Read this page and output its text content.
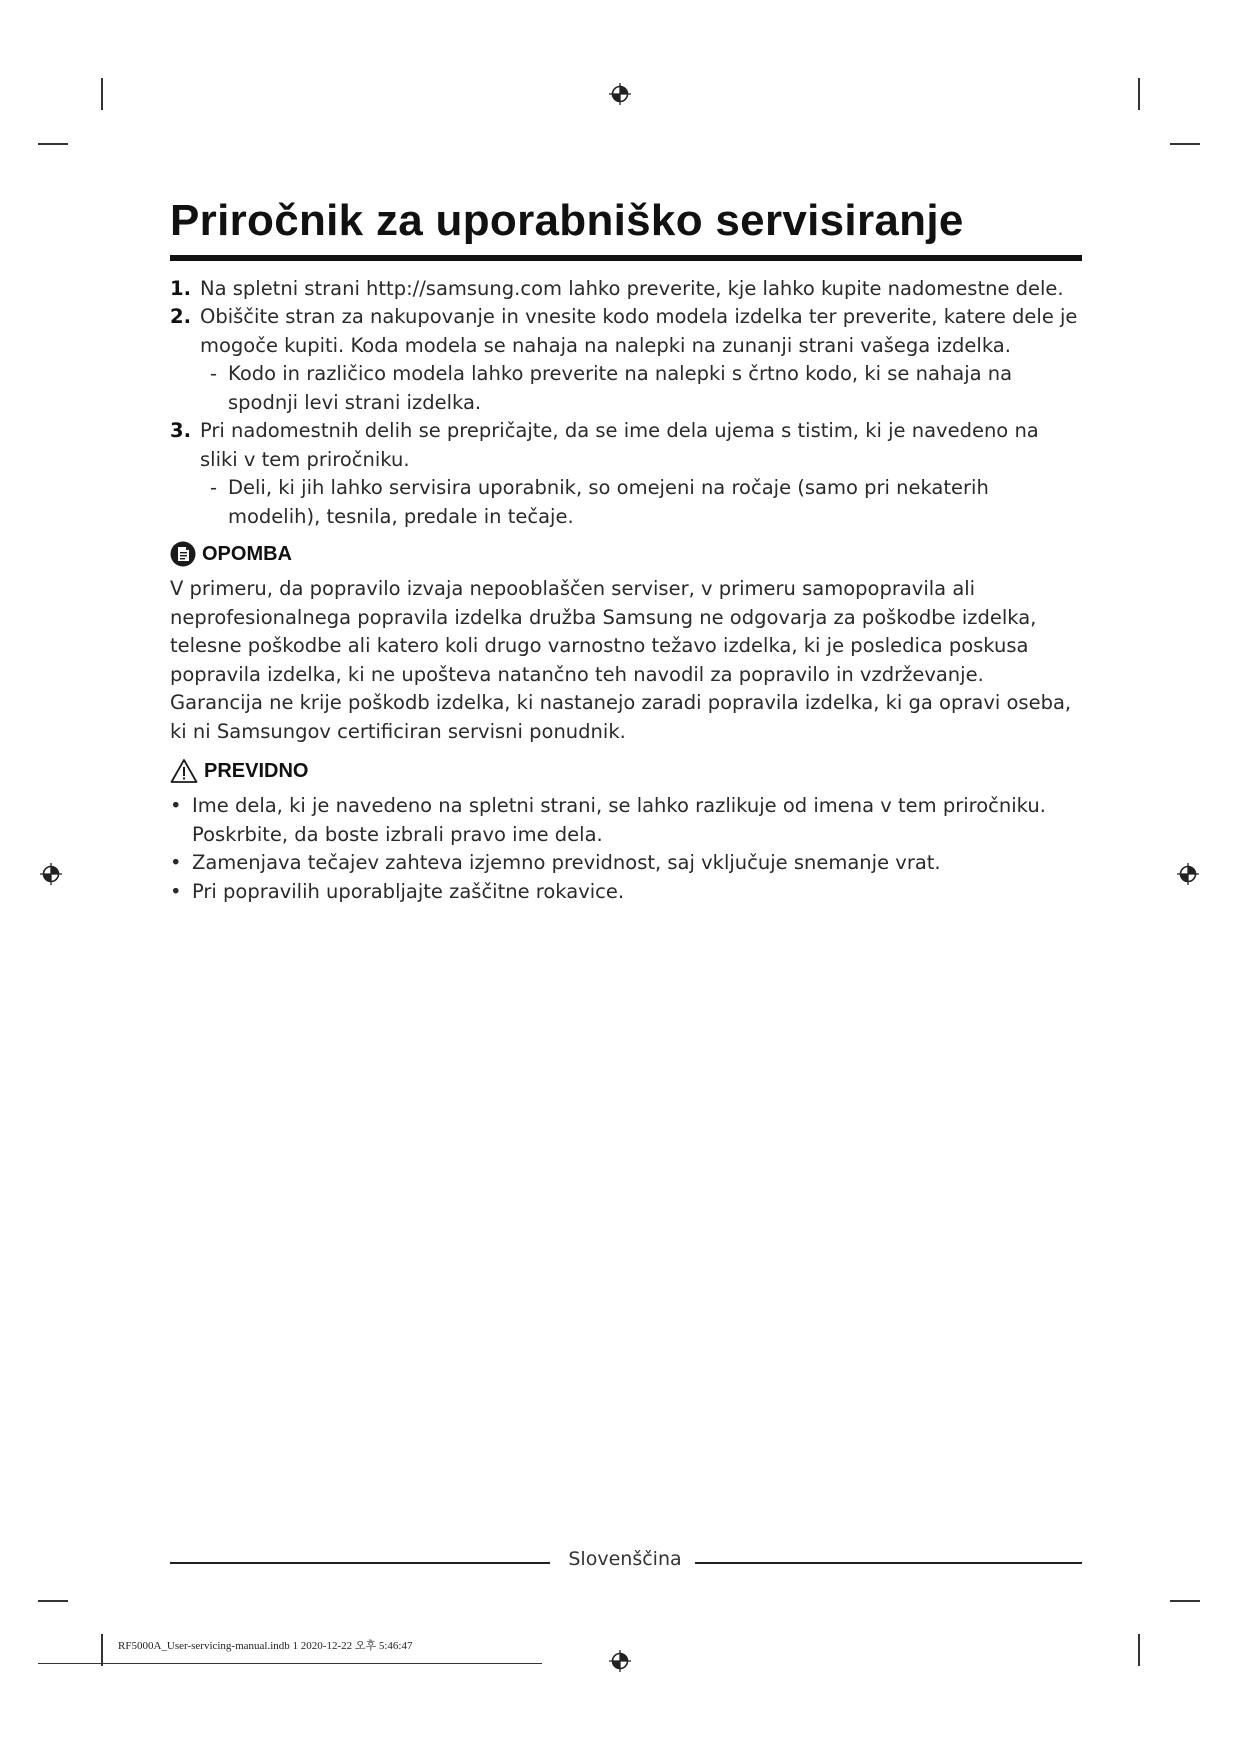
Priročnik za uporabniško servisiranje
1. Na spletni strani http://samsung.com lahko preverite, kje lahko kupite nadomestne dele.
2. Obiščite stran za nakupovanje in vnesite kodo modela izdelka ter preverite, katere dele je mogoče kupiti. Koda modela se nahaja na nalepki na zunanji strani vašega izdelka.
- Kodo in različico modela lahko preverite na nalepki s črtno kodo, ki se nahaja na spodnji levi strani izdelka.
3. Pri nadomestnih delih se prepričajte, da se ime dela ujema s tistim, ki je navedeno na sliki v tem priročniku.
- Deli, ki jih lahko servisira uporabnik, so omejeni na ročaje (samo pri nekaterih modelih), tesnila, predale in tečaje.
OPOMBA

V primeru, da popravilo izvaja nepooblaščen serviser, v primeru samopopravila ali neprofesionalnega popravila izdelka družba Samsung ne odgovarja za poškodbe izdelka, telesne poškodbe ali katero koli drugo varnostno težavo izdelka, ki je posledica poskusa popravila izdelka, ki ne upošteva natančno teh navodil za popravilo in vzdrževanje. Garancija ne krije poškodb izdelka, ki nastanejo zaradi popravila izdelka, ki ga opravi oseba, ki ni Samsungov certificiran servisni ponudnik.

PREVIDNO
• Ime dela, ki je navedeno na spletni strani, se lahko razlikuje od imena v tem priročniku. Poskrbite, da boste izbrali pravo ime dela.
• Zamenjava tečajev zahteva izjemno previdnost, saj vključuje snemanje vrat.
• Pri popravilih uporabljajte zaščitne rokavice.
Slovenščina
RF5000A_User-servicing-manual.indb 1 2020-12-22 오후 5:46:47
